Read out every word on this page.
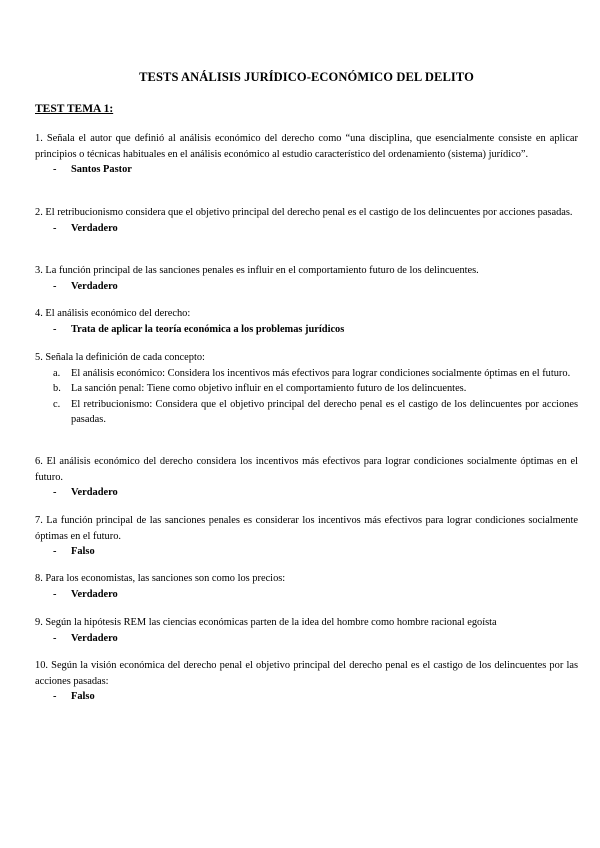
TESTS ANÁLISIS JURÍDICO-ECONÓMICO DEL DELITO
TEST TEMA 1:

1. Señala el autor que definió al análisis económico del derecho como “una disciplina, que esencialmente consiste en aplicar principios o técnicas habituales en el análisis económico al estudio característico del ordenamiento (sistema) jurídico”.

-	Santos Pastor

2. El retribucionismo considera que el objetivo principal del derecho penal es el castigo de los delincuentes por acciones pasadas.

-	Verdadero

3. La función principal de las sanciones penales es influir en el comportamiento futuro de los delincuentes.

-	Verdadero

4. El análisis económico del derecho:

-	Trata de aplicar la teoría económica a los problemas jurídicos

5. Señala la definición de cada concepto:

a.	El análisis económico: Considera los incentivos más efectivos para lograr condiciones socialmente óptimas en el futuro.
b. La sanción penal: Tiene como objetivo influir en el comportamiento futuro de los delincuentes.
c.	El retribucionismo: Considera que el objetivo principal del derecho penal es el castigo de los delincuentes por acciones pasadas.

6. El análisis económico del derecho considera los incentivos más efectivos para lograr condiciones socialmente óptimas en el futuro.

-	Verdadero

7. La función principal de las sanciones penales es considerar los incentivos más efectivos para lograr condiciones socialmente óptimas en el futuro.

-	Falso

8. Para los economistas, las sanciones son como los precios:

-	Verdadero

9. Según la hipótesis REM las ciencias económicas parten de la idea del hombre como hombre racional egoísta

-	Verdadero

10. Según la visión económica del derecho penal el objetivo principal del derecho penal es el castigo de los delincuentes por las acciones pasadas:

-	Falso
